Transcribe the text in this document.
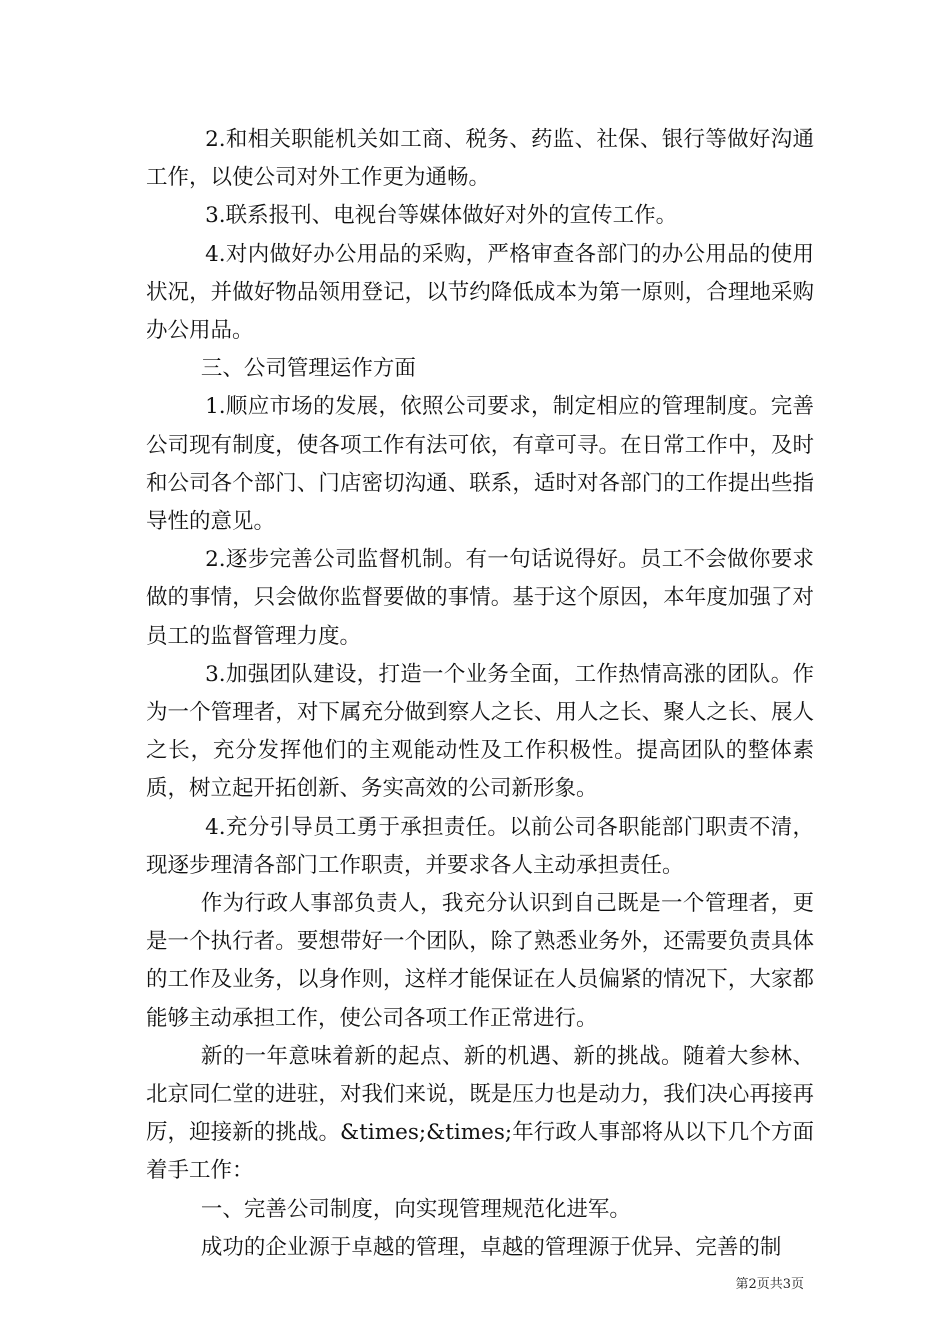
2.和相关职能机关如工商、税务、药监、社保、银行等做好沟通工作，以使公司对外工作更为通畅。

3.联系报刊、电视台等媒体做好对外的宣传工作。

4.对内做好办公用品的采购，严格审查各部门的办公用品的使用状况，并做好物品领用登记，以节约降低成本为第一原则，合理地采购办公用品。

三、公司管理运作方面

1.顺应市场的发展，依照公司要求，制定相应的管理制度。完善公司现有制度，使各项工作有法可依，有章可寻。在日常工作中，及时和公司各个部门、门店密切沟通、联系，适时对各部门的工作提出些指导性的意见。

2.逐步完善公司监督机制。有一句话说得好。员工不会做你要求做的事情，只会做你监督要做的事情。基于这个原因，本年度加强了对员工的监督管理力度。

3.加强团队建设，打造一个业务全面，工作热情高涨的团队。作为一个管理者，对下属充分做到察人之长、用人之长、聚人之长、展人之长，充分发挥他们的主观能动性及工作积极性。提高团队的整体素质，树立起开拓创新、务实高效的公司新形象。

4.充分引导员工勇于承担责任。以前公司各职能部门职责不清，现逐步理清各部门工作职责，并要求各人主动承担责任。

作为行政人事部负责人，我充分认识到自己既是一个管理者，更是一个执行者。要想带好一个团队，除了熟悉业务外，还需要负责具体的工作及业务，以身作则，这样才能保证在人员偏紧的情况下，大家都能够主动承担工作，使公司各项工作正常进行。

新的一年意味着新的起点、新的机遇、新的挑战。随着大参林、北京同仁堂的进驻，对我们来说，既是压力也是动力，我们决心再接再厉，迎接新的挑战。&times;&times;年行政人事部将从以下几个方面着手工作：

一、完善公司制度，向实现管理规范化进军。

成功的企业源于卓越的管理，卓越的管理源于优异、完善的制

第2页共3页
